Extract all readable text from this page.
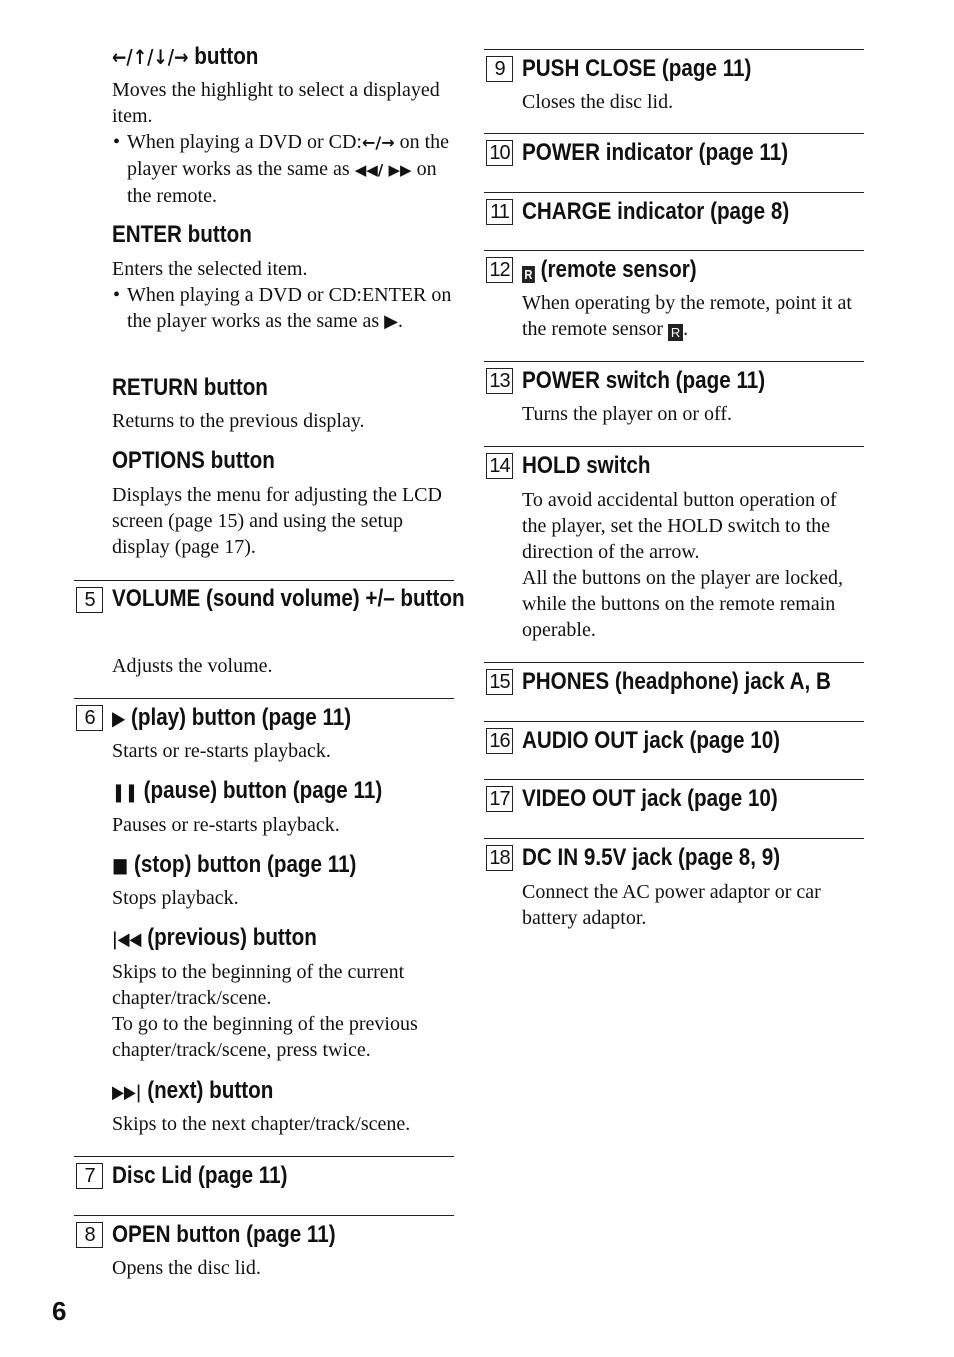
←/↑/↓/→ button

Moves the highlight to select a displayed item.

• When playing a DVD or CD:←/→ on the player works as the same as ◀◀/ ▶▶ on the remote.

ENTER button

Enters the selected item.

• When playing a DVD or CD:ENTER on the player works as the same as ▶.

RETURN button

Returns to the previous display.

OPTIONS button

Displays the menu for adjusting the LCD screen (page 15) and using the setup display (page 17).

5 VOLUME (sound volume) +/– button

Adjusts the volume.

6 ▶ (play) button (page 11)

Starts or re-starts playback.

❚❚ (pause) button (page 11)

Pauses or re-starts playback.

■ (stop) button (page 11)

Stops playback.

|◀◀ (previous) button

Skips to the beginning of the current chapter/track/scene.

To go to the beginning of the previous chapter/track/scene, press twice.

▶▶| (next) button

Skips to the next chapter/track/scene.

7 Disc Lid (page 11)
8 OPEN button (page 11)

Opens the disc lid.

9 PUSH CLOSE (page 11)

Closes the disc lid.

10 POWER indicator (page 11)
11 CHARGE indicator (page 8)
12 R (remote sensor)

When operating by the remote, point it at the remote sensor R .

13 POWER switch (page 11)

Turns the player on or off.

14 HOLD switch

To avoid accidental button operation of the player, set the HOLD switch to the direction of the arrow.

All the buttons on the player are locked, while the buttons on the remote remain operable.

15 PHONES (headphone) jack A, B
16 AUDIO OUT jack (page 10)
17 VIDEO OUT jack (page 10)
18 DC IN 9.5V jack (page 8, 9)

Connect the AC power adaptor or car battery adaptor.

6
